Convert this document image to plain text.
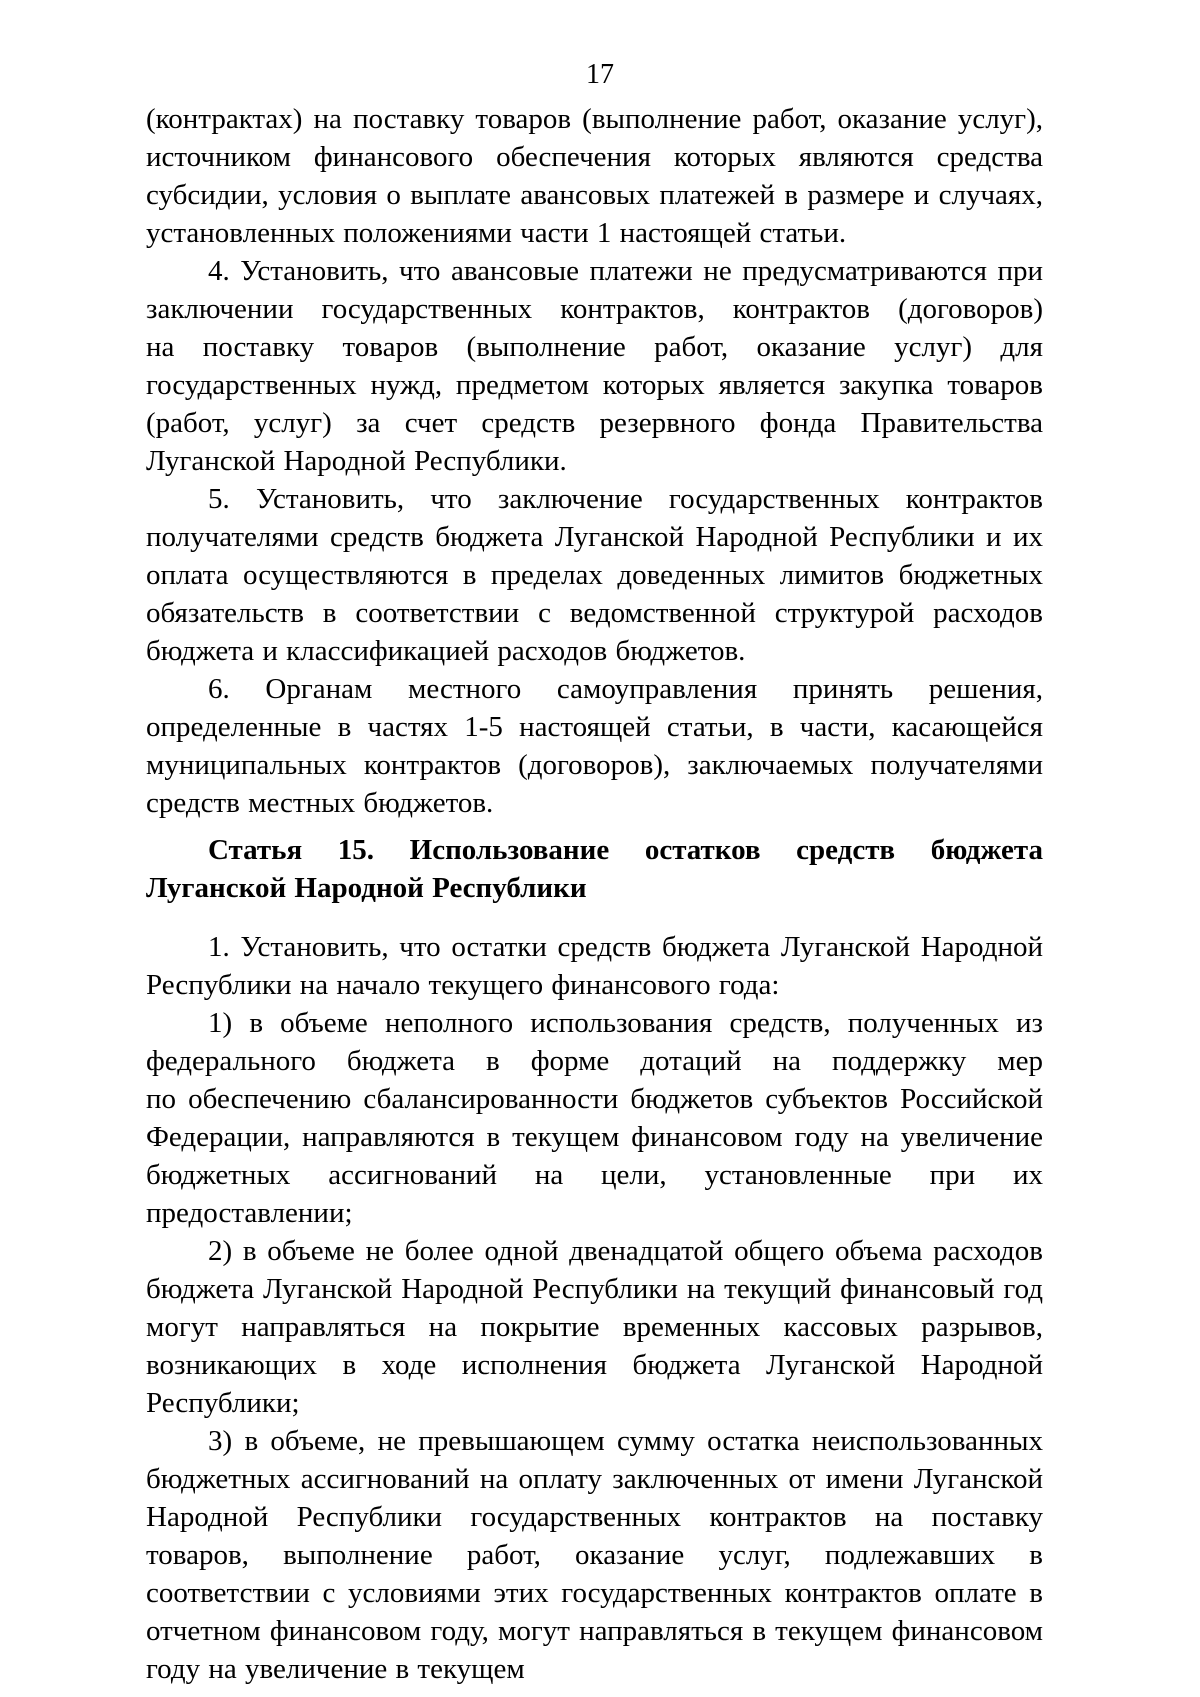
17

(контрактах) на поставку товаров (выполнение работ, оказание услуг), источником финансового обеспечения которых являются средства субсидии, условия о выплате авансовых платежей в размере и случаях, установленных положениями части 1 настоящей статьи.

4. Установить, что авансовые платежи не предусматриваются при заключении государственных контрактов, контрактов (договоров) на поставку товаров (выполнение работ, оказание услуг) для государственных нужд, предметом которых является закупка товаров (работ, услуг) за счет средств резервного фонда Правительства Луганской Народной Республики.

5. Установить, что заключение государственных контрактов получателями средств бюджета Луганской Народной Республики и их оплата осуществляются в пределах доведенных лимитов бюджетных обязательств в соответствии с ведомственной структурой расходов бюджета и классификацией расходов бюджетов.

6. Органам местного самоуправления принять решения, определенные в частях 1-5 настоящей статьи, в части, касающейся муниципальных контрактов (договоров), заключаемых получателями средств местных бюджетов.

Статья 15. Использование остатков средств бюджета Луганской Народной Республики

1. Установить, что остатки средств бюджета Луганской Народной Республики на начало текущего финансового года:

1) в объеме неполного использования средств, полученных из федерального бюджета в форме дотаций на поддержку мер по обеспечению сбалансированности бюджетов субъектов Российской Федерации, направляются в текущем финансовом году на увеличение бюджетных ассигнований на цели, установленные при их предоставлении;

2) в объеме не более одной двенадцатой общего объема расходов бюджета Луганской Народной Республики на текущий финансовый год могут направляться на покрытие временных кассовых разрывов, возникающих в ходе исполнения бюджета Луганской Народной Республики;

3) в объеме, не превышающем сумму остатка неиспользованных бюджетных ассигнований на оплату заключенных от имени Луганской Народной Республики государственных контрактов на поставку товаров, выполнение работ, оказание услуг, подлежавших в соответствии с условиями этих государственных контрактов оплате в отчетном финансовом году, могут направляться в текущем финансовом году на увеличение в текущем
